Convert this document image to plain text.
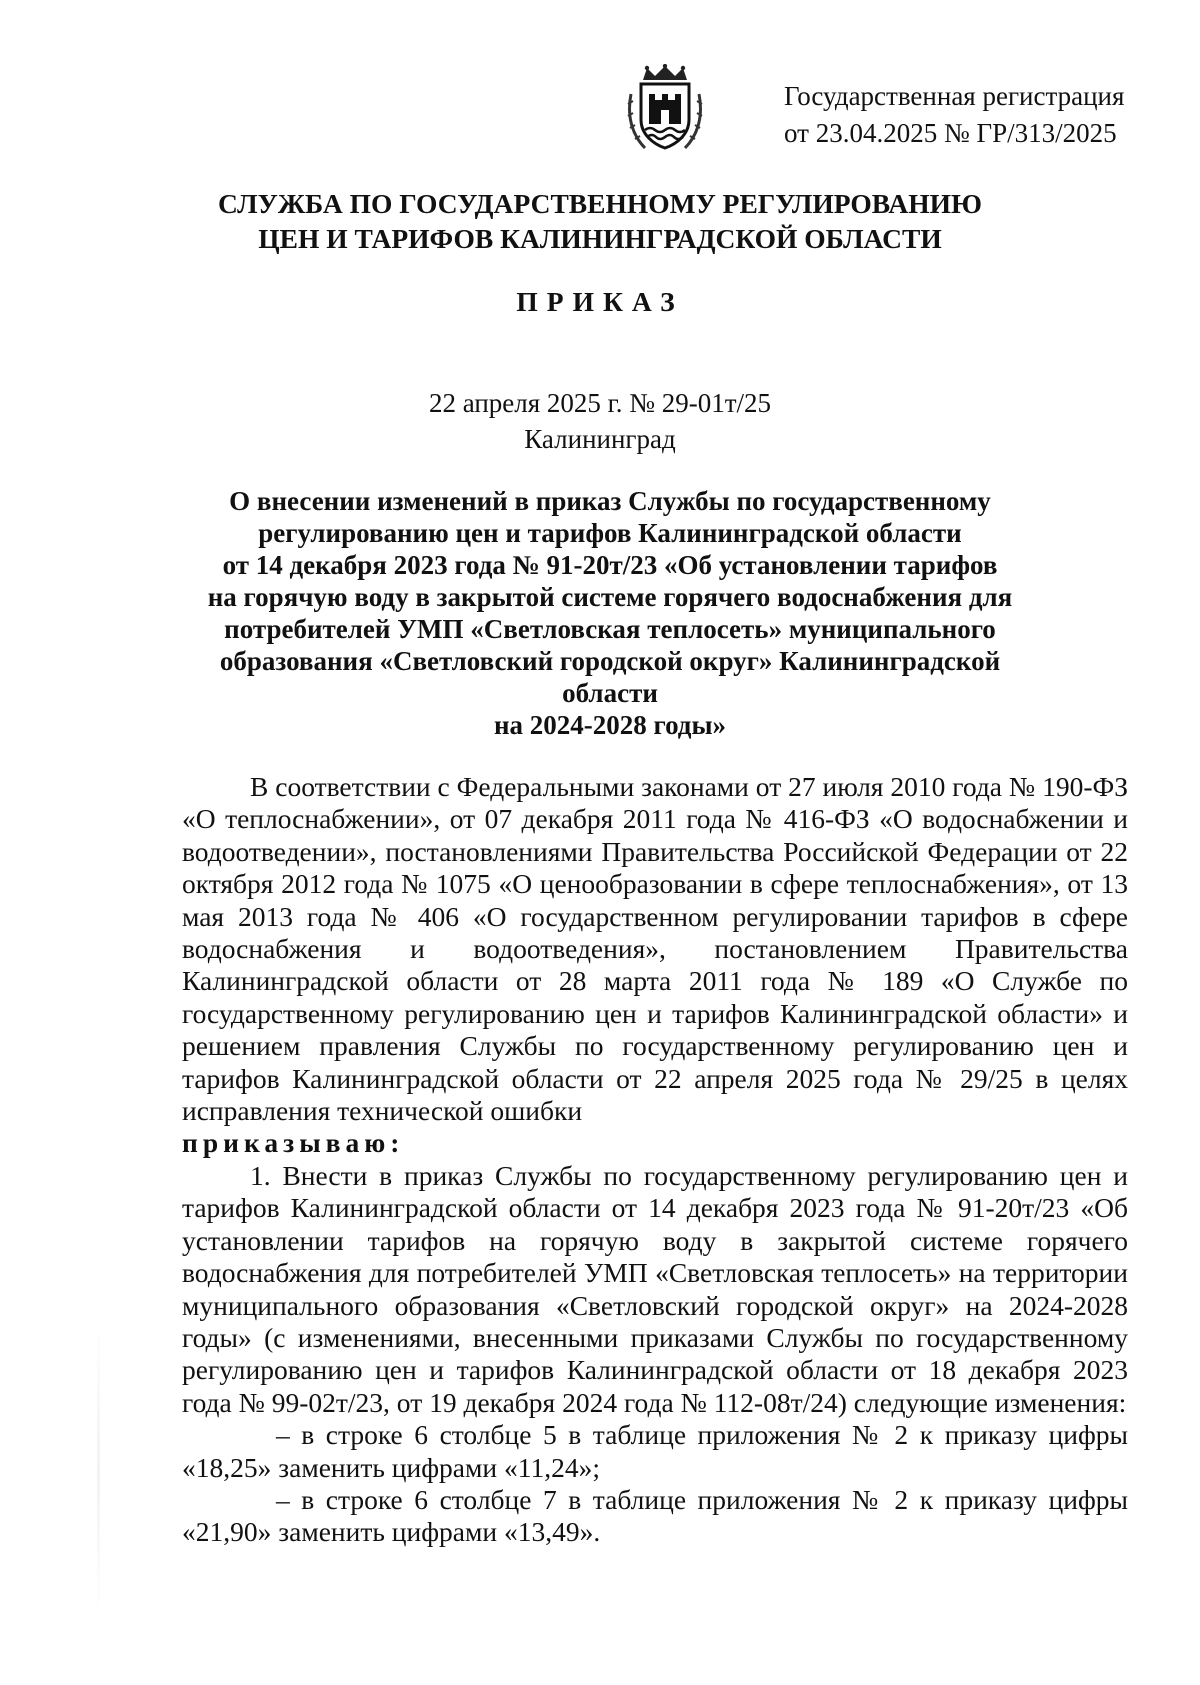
Государственная регистрация
от 23.04.2025 № ГР/313/2025
СЛУЖБА ПО ГОСУДАРСТВЕННОМУ РЕГУЛИРОВАНИЮ
ЦЕН И ТАРИФОВ КАЛИНИНГРАДСКОЙ ОБЛАСТИ
ПРИКАЗ
22 апреля 2025 г. № 29-01т/25
Калининград
О внесении изменений в приказ Службы по государственному
регулированию цен и тарифов Калининградской области
от 14 декабря 2023 года № 91-20т/23 «Об установлении тарифов
на горячую воду в закрытой системе горячего водоснабжения для
потребителей УМП «Светловская теплосеть» муниципального
образования «Светловский городской округ» Калининградской области
на 2024-2028 годы»

В соответствии с Федеральными законами от 27 июля 2010 года № 190-ФЗ «О теплоснабжении», от 07 декабря 2011 года № 416-ФЗ «О водоснабжении и водоотведении», постановлениями Правительства Российской Федерации от 22 октября 2012 года № 1075 «О ценообразовании в сфере теплоснабжения», от 13 мая 2013 года № 406 «О государственном регулировании тарифов в сфере водоснабжения и водоотведения», постановлением Правительства Калининградской области от 28 марта 2011 года № 189 «О Службе по государственному регулированию цен и тарифов Калининградской области» и решением правления Службы по государственному регулированию цен и тарифов Калининградской области от 22 апреля 2025 года № 29/25 в целях исправления технической ошибки

приказываю:

1. Внести в приказ Службы по государственному регулированию цен и тарифов Калининградской области от 14 декабря 2023 года № 91-20т/23 «Об установлении тарифов на горячую воду в закрытой системе горячего водоснабжения для потребителей УМП «Светловская теплосеть» на территории муниципального образования «Светловский городской округ» на 2024-2028 годы» (с изменениями, внесенными приказами Службы по государственному регулированию цен и тарифов Калининградской области от 18 декабря 2023 года № 99-02т/23, от 19 декабря 2024 года № 112-08т/24) следующие изменения:

– в строке 6 столбце 5 в таблице приложения № 2 к приказу цифры «18,25» заменить цифрами «11,24»;

– в строке 6 столбце 7 в таблице приложения № 2 к приказу цифры «21,90» заменить цифрами «13,49».
